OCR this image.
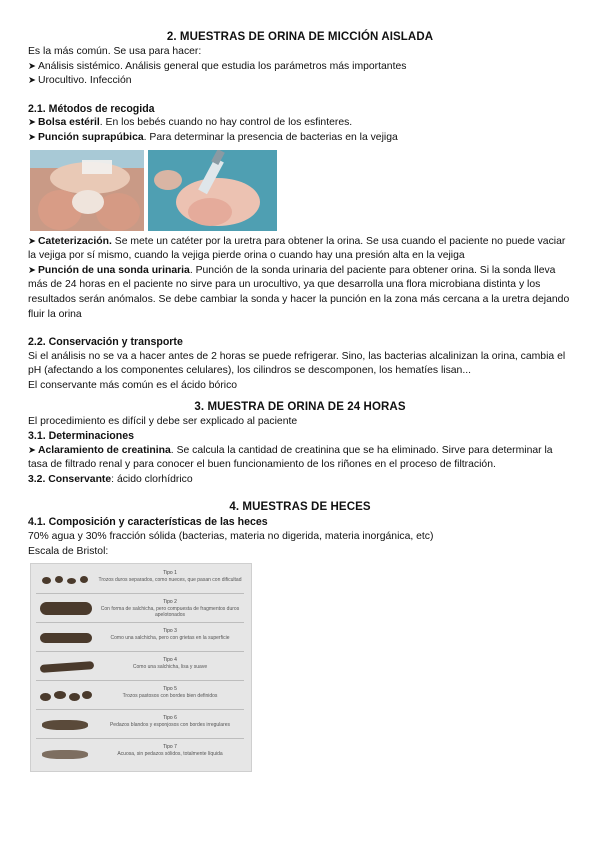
2. MUESTRAS DE ORINA DE MICCIÓN AISLADA

Es la más común. Se usa para hacer:

➤ Análisis sistémico. Análisis general que estudia los parámetros más importantes

➤ Urocultivo. Infección

2.1. Métodos de recogida

➤ Bolsa estéril. En los bebés cuando no hay control de los esfinteres.

➤ Punción suprapúbica. Para determinar la presencia de bacterias en la vejiga

➤ Cateterización. Se mete un catéter por la uretra para obtener la orina. Se usa cuando el paciente no puede vaciar la vejiga por sí mismo, cuando la vejiga pierde orina o cuando hay una presión alta en la vejiga

➤ Punción de una sonda urinaria. Punción de la sonda urinaria del paciente para obtener orina. Si la sonda lleva más de 24 horas en el paciente no sirve para un urocultivo, ya que desarrolla una flora microbiana distinta y los resultados serán anómalos. Se debe cambiar la sonda y hacer la punción en la zona más cercana a la uretra dejando fluir la orina

2.2. Conservación y transporte

Si el análisis no se va a hacer antes de 2 horas se puede refrigerar. Sino, las bacterias alcalinizan la orina, cambia el pH (afectando a los componentes celulares), los cilindros se descomponen, los hematíes lisan...

El conservante más común es el ácido bórico

3. MUESTRA DE ORINA DE 24 HORAS

El procedimiento es difícil y debe ser explicado al paciente

3.1. Determinaciones

➤ Aclaramiento de creatinina. Se calcula la cantidad de creatinina que se ha eliminado. Sirve para determinar la tasa de filtrado renal y para conocer el buen funcionamiento de los riñones en el proceso de filtración.

3.2. Conservante: ácido clorhídrico

4. MUESTRAS DE HECES
4.1. Composición y características de las heces

70% agua y 30% fracción sólida (bacterias, materia no digerida, materia inorgánica, etc)

Escala de Bristol:

Tipo 1
Trozos duros separados, como nueces, que pasan con dificultad
Tipo 2
Con forma de salchicha, pero compuesta de fragmentos duros apelotonados
Tipo 3
Como una salchicha, pero con grietas en la superficie
Tipo 4
Como una salchicha, lisa y suave
Tipo 5
Trozos pastosos con bordes bien definidos
Tipo 6
Pedazos blandos y esponjosos con bordes irregulares
Tipo 7
Acuosa, sin pedazos sólidos, totalmente líquida
